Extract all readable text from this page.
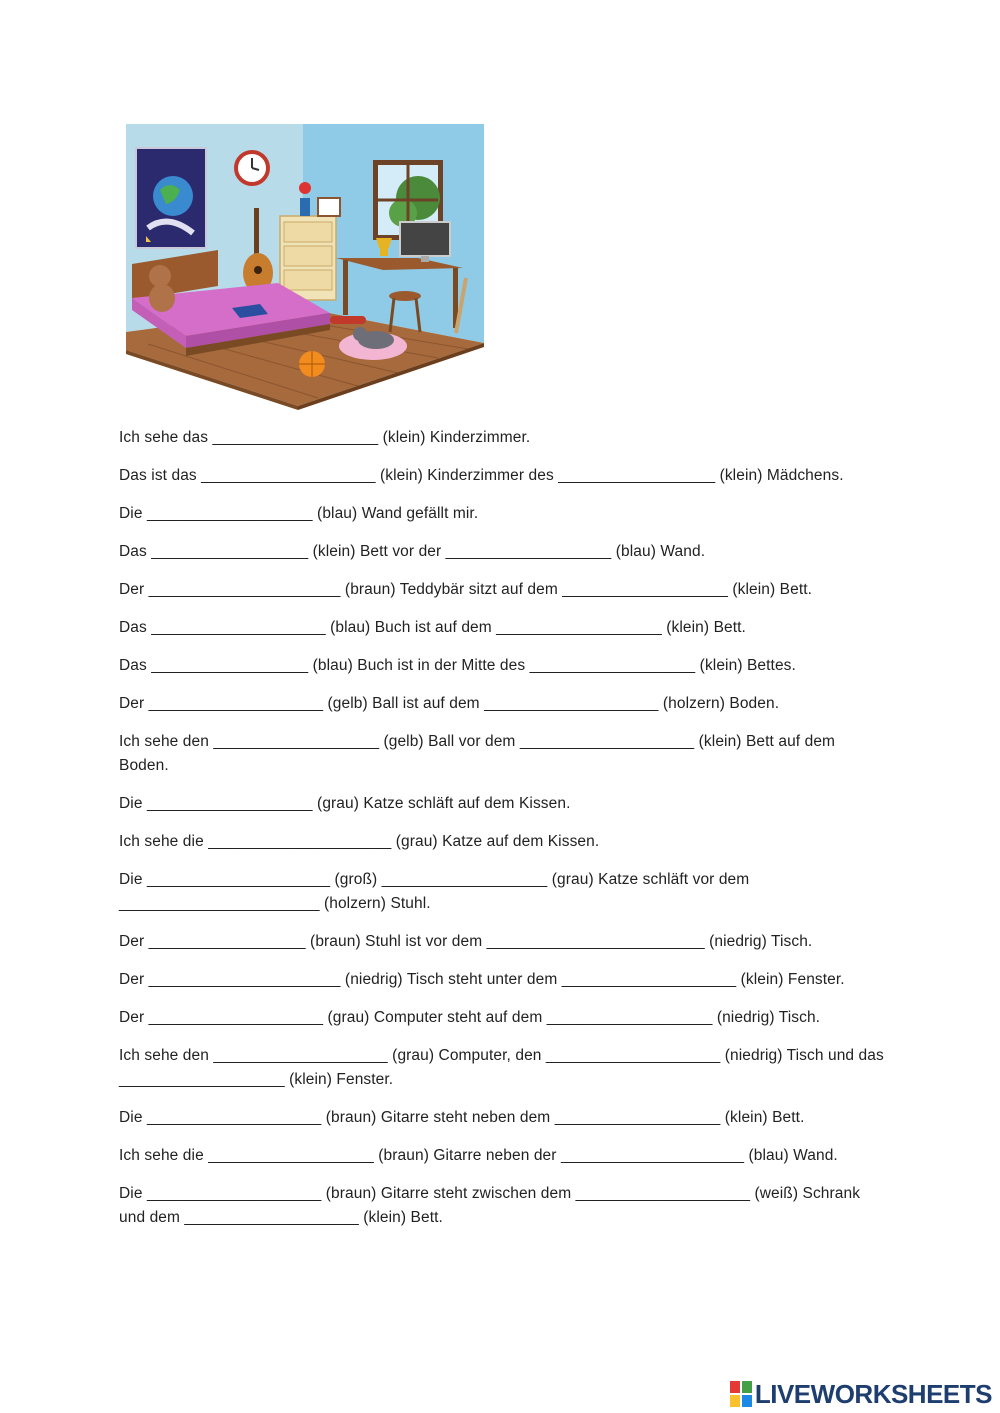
Ich sehe das ___________________ (klein) Kinderzimmer.

Das ist das ____________________ (klein) Kinderzimmer des __________________ (klein) Mädchens.

Die ___________________ (blau) Wand gefällt mir.

Das __________________ (klein) Bett vor der ___________________ (blau) Wand.

Der ______________________ (braun) Teddybär sitzt auf dem ___________________ (klein) Bett.

Das ____________________ (blau) Buch ist auf dem ___________________ (klein) Bett.

Das __________________ (blau) Buch ist in der Mitte des ___________________ (klein) Bettes.

Der ____________________ (gelb) Ball ist auf dem ____________________ (holzern) Boden.

Ich sehe den ___________________ (gelb) Ball vor dem ____________________ (klein) Bett auf dem Boden.

Die ___________________ (grau) Katze schläft auf dem Kissen.

Ich sehe die _____________________ (grau) Katze auf dem Kissen.

Die _____________________ (groß) ___________________ (grau) Katze schläft vor dem _______________________ (holzern) Stuhl.

Der __________________ (braun) Stuhl ist vor dem _________________________ (niedrig) Tisch.

Der ______________________ (niedrig) Tisch steht unter dem ____________________ (klein) Fenster.

Der ____________________ (grau) Computer steht auf dem ___________________ (niedrig) Tisch.

Ich sehe den ____________________ (grau) Computer, den ____________________ (niedrig) Tisch und das ___________________ (klein) Fenster.

Die ____________________ (braun) Gitarre steht neben dem ___________________ (klein) Bett.

Ich sehe die ___________________ (braun) Gitarre neben der _____________________ (blau) Wand.

Die ____________________ (braun) Gitarre steht zwischen dem ____________________ (weiß) Schrank und dem ____________________ (klein) Bett.

LIVEWORKSHEETS
